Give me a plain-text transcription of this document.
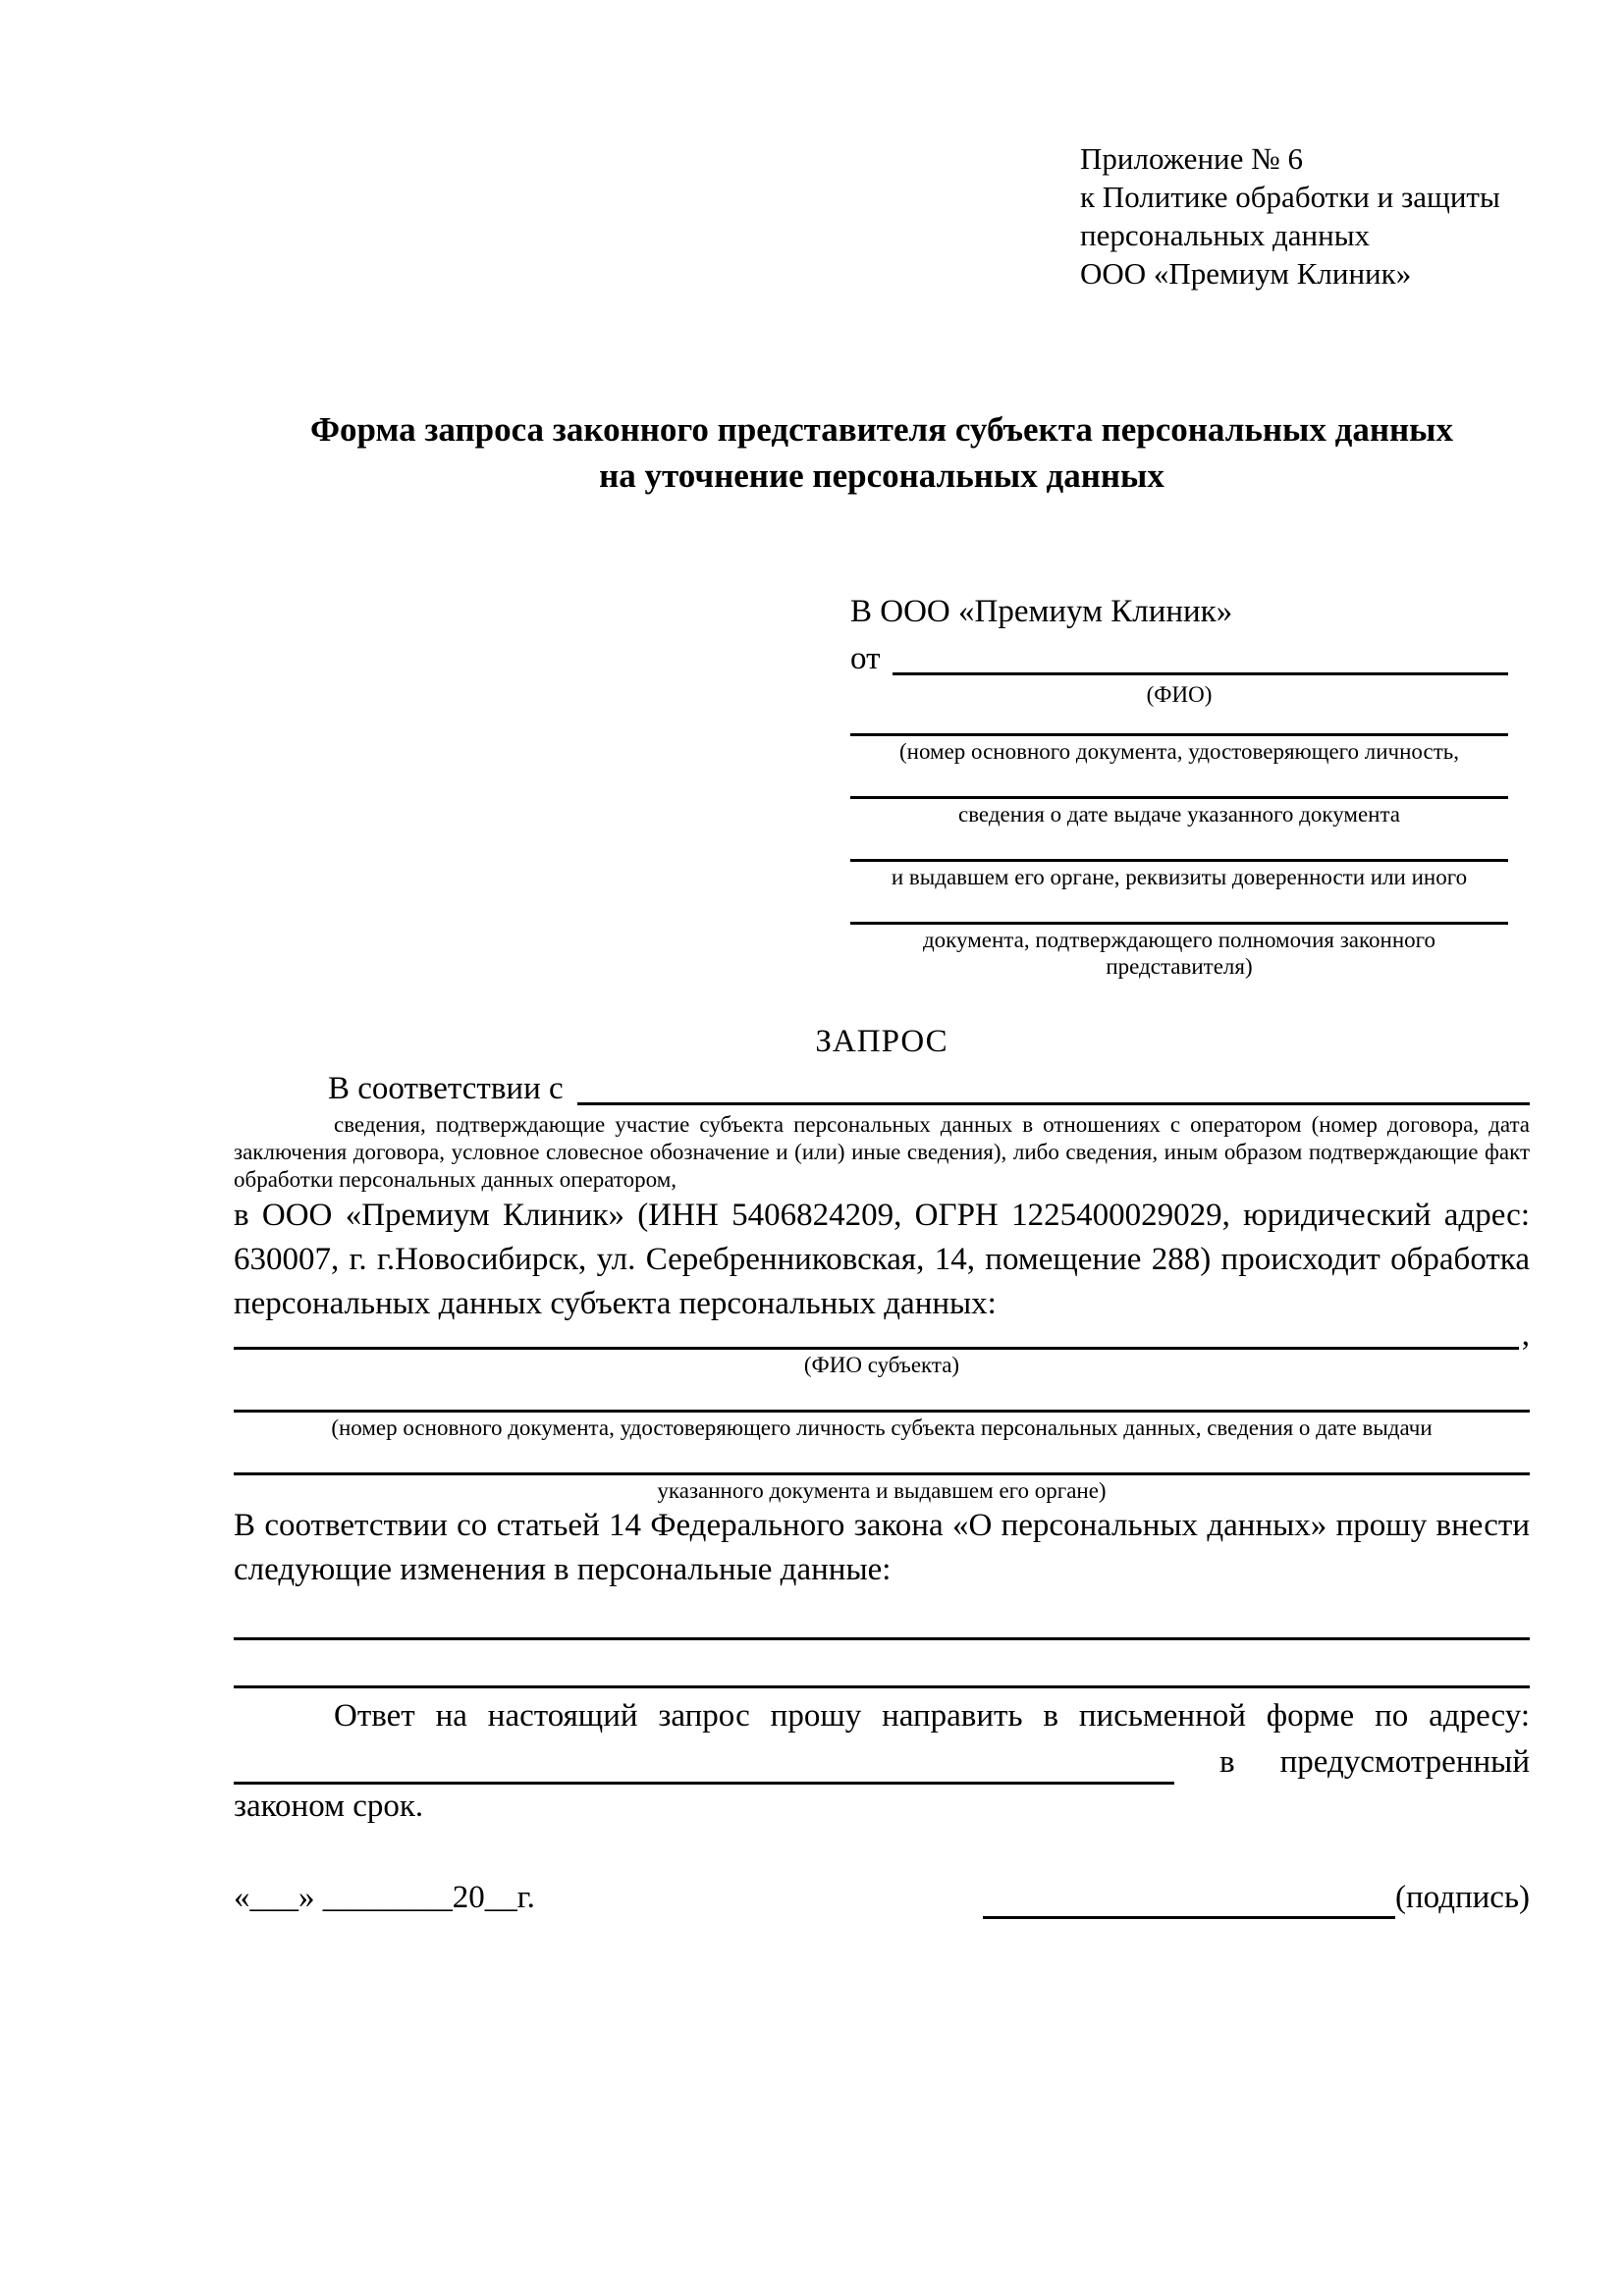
Приложение № 6
к Политике обработки и защиты
персональных данных
ООО «Премиум Клиник»
Форма запроса законного представителя субъекта персональных данных
на уточнение персональных данных
В ООО «Премиум Клиник»
от
(ФИО)
(номер основного документа, удостоверяющего личность,
сведения о дате выдаче указанного документа
и выдавшем его органе, реквизиты доверенности или иного
документа, подтверждающего полномочия законного представителя)
ЗАПРОС
В соответствии с
сведения, подтверждающие участие субъекта персональных данных в отношениях с оператором (номер договора, дата заключения договора, условное словесное обозначение и (или) иные сведения), либо сведения, иным образом подтверждающие факт обработки персональных данных оператором,
в ООО «Премиум Клиник» (ИНН 5406824209, ОГРН 1225400029029, юридический адрес: 630007, г. г.Новосибирск, ул. Серебренниковская, 14, помещение 288) происходит обработка персональных данных субъекта персональных данных:
,
(ФИО субъекта)
(номер основного документа, удостоверяющего личность субъекта персональных данных, сведения о дате выдачи
указанного документа и выдавшем его органе)
В соответствии со статьей 14 Федерального закона «О персональных данных» прошу внести следующие изменения в персональные данные:
Ответ на настоящий запрос прошу направить в письменной форме по адресу:
в предусмотренный
законом срок.
«___» ________20__г.	(подпись)
